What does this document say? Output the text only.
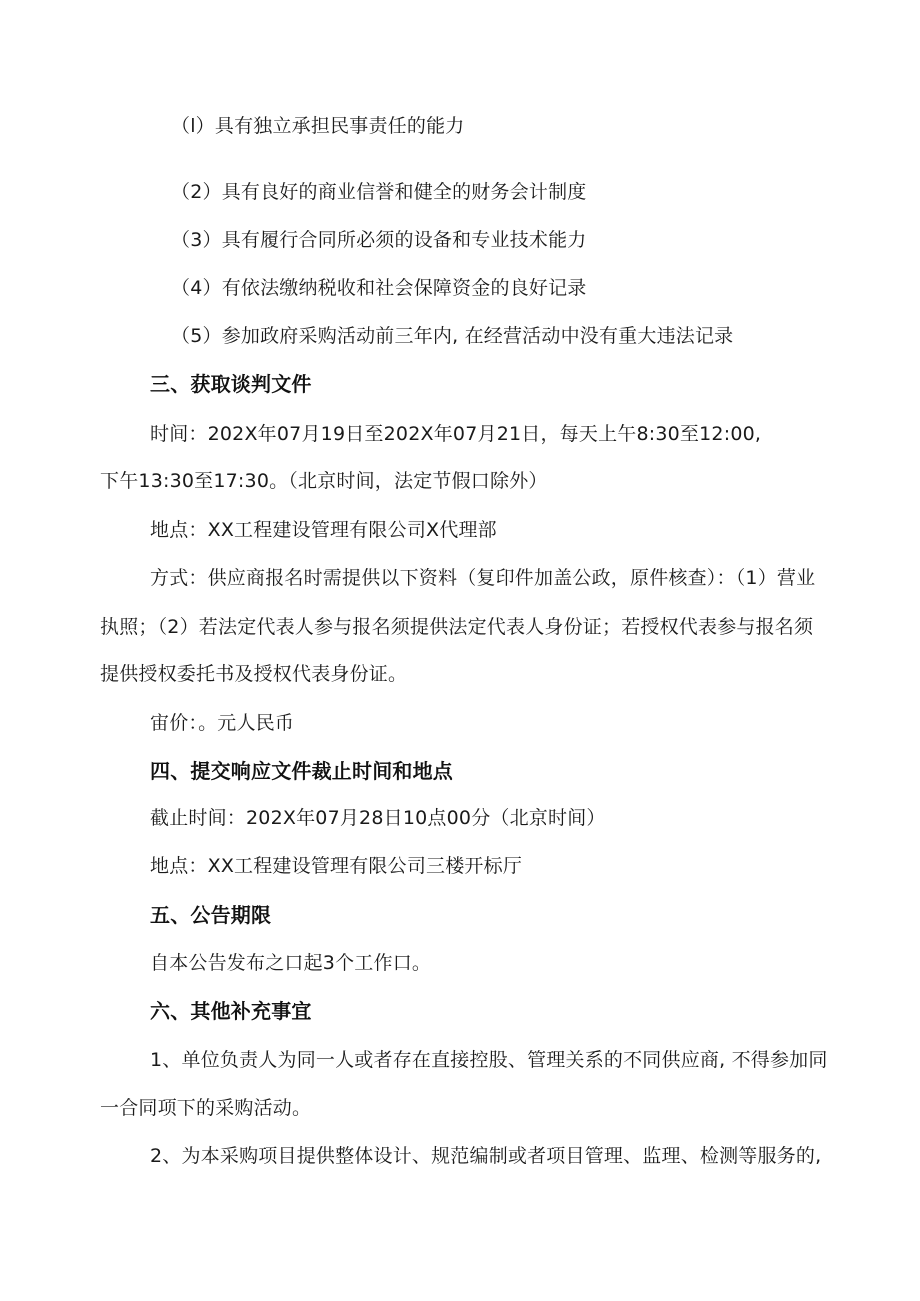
（l）具有独立承担民事责任的能力
（2）具有良好的商业信誉和健全的财务会计制度
（3）具有履行合同所必须的设备和专业技术能力
（4）有依法缴纳税收和社会保障资金的良好记录
（5）参加政府采购活动前三年内, 在经营活动中没有重大违法记录
三、获取谈判文件
时间：202X年07月19日至202X年07月21日，每天上午8:30至12:00,
下午13:30至17:30。（北京时间，法定节假口除外）
地点：XX工程建设管理有限公司X代理部
方式：供应商报名时需提供以下资料（复印件加盖公政，原件核查）：（1）营业
执照；（2）若法定代表人参与报名须提供法定代表人身份证；若授权代表参与报名须
提供授权委托书及授权代表身份证。
宙价：。元人民币
四、提交响应文件裁止时间和地点
截止时间：202X年07月28日10点00分（北京时间）
地点：XX工程建设管理有限公司三楼开标厅
五、公告期限
自本公告发布之口起3个工作口。
六、其他补充事宜
1、单位负责人为同一人或者存在直接控股、管理关系的不同供应商, 不得参加同
一合同项下的采购活动。
2、为本采购项目提供整体设计、规范编制或者项目管理、监理、检测等服务的,
